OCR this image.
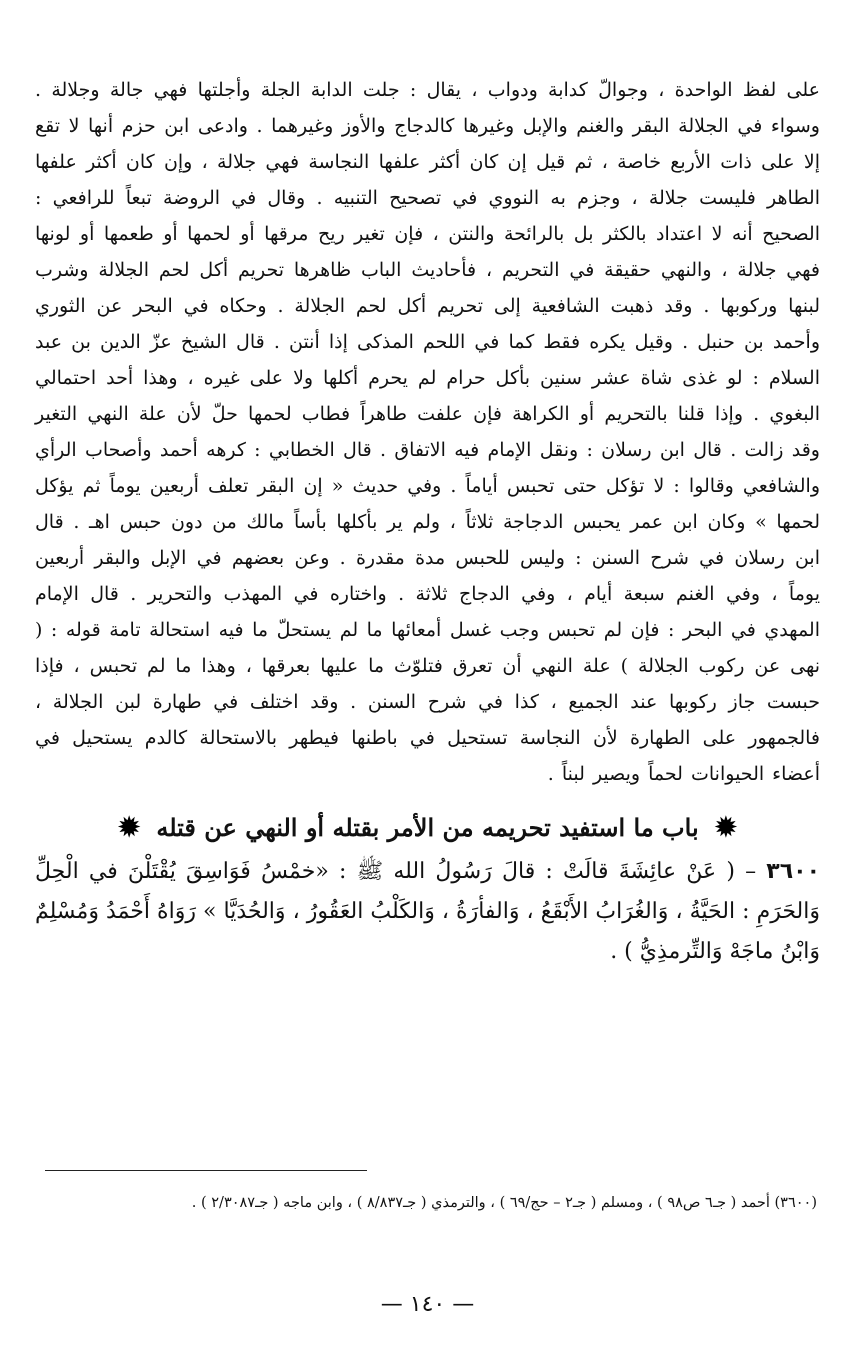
على لفظ الواحدة ، وجوالّ كدابة ودواب ، يقال : جلت الدابة الجلة وأجلتها فهي جالة وجلالة . وسواء في الجلالة البقر والغنم والإبل وغيرها كالدجاج والأوز وغيرهما . وادعى ابن حزم أنها لا تقع إلا على ذات الأربع خاصة ، ثم قيل إن كان أكثر علفها النجاسة فهي جلالة ، وإن كان أكثر علفها الطاهر فليست جلالة ، وجزم به النووي في تصحيح التنبيه . وقال في الروضة تبعاً للرافعي : الصحيح أنه لا اعتداد بالكثر بل بالرائحة والنتن ، فإن تغير ريح مرقها أو لحمها أو طعمها أو لونها فهي جلالة ، والنهي حقيقة في التحريم ، فأحاديث الباب ظاهرها تحريم أكل لحم الجلالة وشرب لبنها وركوبها . وقد ذهبت الشافعية إلى تحريم أكل لحم الجلالة . وحكاه في البحر عن الثوري وأحمد بن حنبل . وقيل يكره فقط كما في اللحم المذكى إذا أنتن . قال الشيخ عزّ الدين بن عبد السلام : لو غذى شاة عشر سنين بأكل حرام لم يحرم أكلها ولا على غيره ، وهذا أحد احتمالي البغوي . وإذا قلنا بالتحريم أو الكراهة فإن علفت طاهراً فطاب لحمها حلّ لأن علة النهي التغير وقد زالت . قال ابن رسلان : ونقل الإمام فيه الاتفاق . قال الخطابي : كرهه أحمد وأصحاب الرأي والشافعي وقالوا : لا تؤكل حتى تحبس أياماً . وفي حديث « إن البقر تعلف أربعين يوماً ثم يؤكل لحمها » وكان ابن عمر يحبس الدجاجة ثلاثاً ، ولم ير بأكلها بأساً مالك من دون حبس اهـ . قال ابن رسلان في شرح السنن : وليس للحبس مدة مقدرة . وعن بعضهم في الإبل والبقر أربعين يوماً ، وفي الغنم سبعة أيام ، وفي الدجاج ثلاثة . واختاره في المهذب والتحرير . قال الإمام المهدي في البحر : فإن لم تحبس وجب غسل أمعائها ما لم يستحلّ ما فيه استحالة تامة قوله : ( نهى عن ركوب الجلالة ) علة النهي أن تعرق فتلوّث ما عليها بعرقها ، وهذا ما لم تحبس ، فإذا حبست جاز ركوبها عند الجميع ، كذا في شرح السنن . وقد اختلف في طهارة لبن الجلالة ، فالجمهور على الطهارة لأن النجاسة تستحيل في باطنها فيطهر بالاستحالة كالدم يستحيل في أعضاء الحيوانات لحماً ويصير لبناً .

✹ باب ما استفيد تحريمه من الأمر بقتله أو النهي عن قتله ✹

٣٦٠٠ – ( عَنْ عائِشَةَ قالَتْ : قالَ رَسُولُ الله ﷺ : «خمْسُ فَوَاسِقَ يُقْتَلْنَ في الْحِلِّ وَالحَرَمِ : الحَيَّةُ ، وَالغُرَابُ الأَبْقَعُ ، وَالفأرَةُ ، وَالكَلْبُ العَقُورُ ، وَالحُدَيَّا » رَوَاهُ أَحْمَدُ وَمُسْلِمٌ وَابْنُ ماجَهْ وَالتِّرمذِيُّ ) .

(٣٦٠٠) أحمد ( جـ٦ ص٩٨ ) ، ومسلم ( جـ٢ – حج/٦٩ ) ، والترمذي ( جـ٨/٨٣٧ ) ، وابن ماجه ( جـ٢/٣٠٨٧ ) .

— ١٤٠ —
